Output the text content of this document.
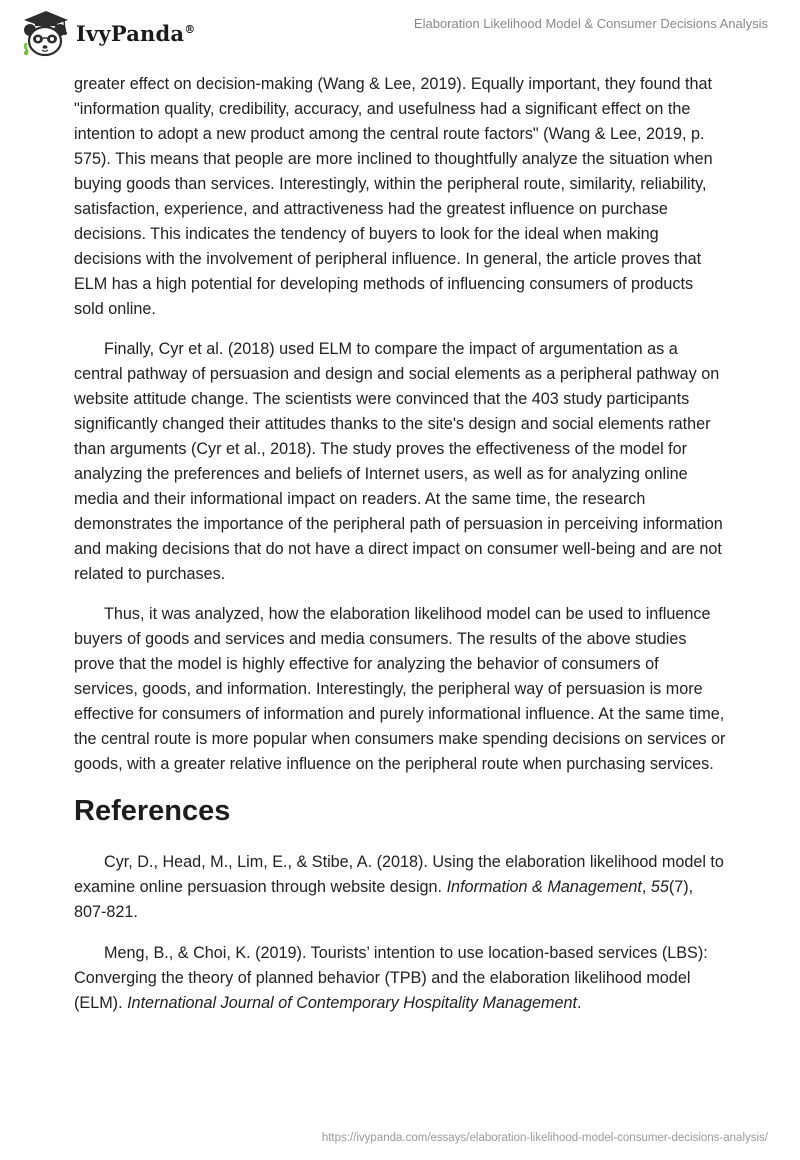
IvyPanda®	Elaboration Likelihood Model & Consumer Decisions Analysis

greater effect on decision-making (Wang & Lee, 2019). Equally important, they found that "information quality, credibility, accuracy, and usefulness had a significant effect on the intention to adopt a new product among the central route factors" (Wang & Lee, 2019, p. 575). This means that people are more inclined to thoughtfully analyze the situation when buying goods than services. Interestingly, within the peripheral route, similarity, reliability, satisfaction, experience, and attractiveness had the greatest influence on purchase decisions. This indicates the tendency of buyers to look for the ideal when making decisions with the involvement of peripheral influence. In general, the article proves that ELM has a high potential for developing methods of influencing consumers of products sold online.

Finally, Cyr et al. (2018) used ELM to compare the impact of argumentation as a central pathway of persuasion and design and social elements as a peripheral pathway on website attitude change. The scientists were convinced that the 403 study participants significantly changed their attitudes thanks to the site's design and social elements rather than arguments (Cyr et al., 2018). The study proves the effectiveness of the model for analyzing the preferences and beliefs of Internet users, as well as for analyzing online media and their informational impact on readers. At the same time, the research demonstrates the importance of the peripheral path of persuasion in perceiving information and making decisions that do not have a direct impact on consumer well-being and are not related to purchases.

Thus, it was analyzed, how the elaboration likelihood model can be used to influence buyers of goods and services and media consumers. The results of the above studies prove that the model is highly effective for analyzing the behavior of consumers of services, goods, and information. Interestingly, the peripheral way of persuasion is more effective for consumers of information and purely informational influence. At the same time, the central route is more popular when consumers make spending decisions on services or goods, with a greater relative influence on the peripheral route when purchasing services.

References

Cyr, D., Head, M., Lim, E., & Stibe, A. (2018). Using the elaboration likelihood model to examine online persuasion through website design. Information & Management, 55(7), 807-821.

Meng, B., & Choi, K. (2019). Tourists’ intention to use location-based services (LBS): Converging the theory of planned behavior (TPB) and the elaboration likelihood model (ELM). International Journal of Contemporary Hospitality Management.

https://ivypanda.com/essays/elaboration-likelihood-model-consumer-decisions-analysis/
